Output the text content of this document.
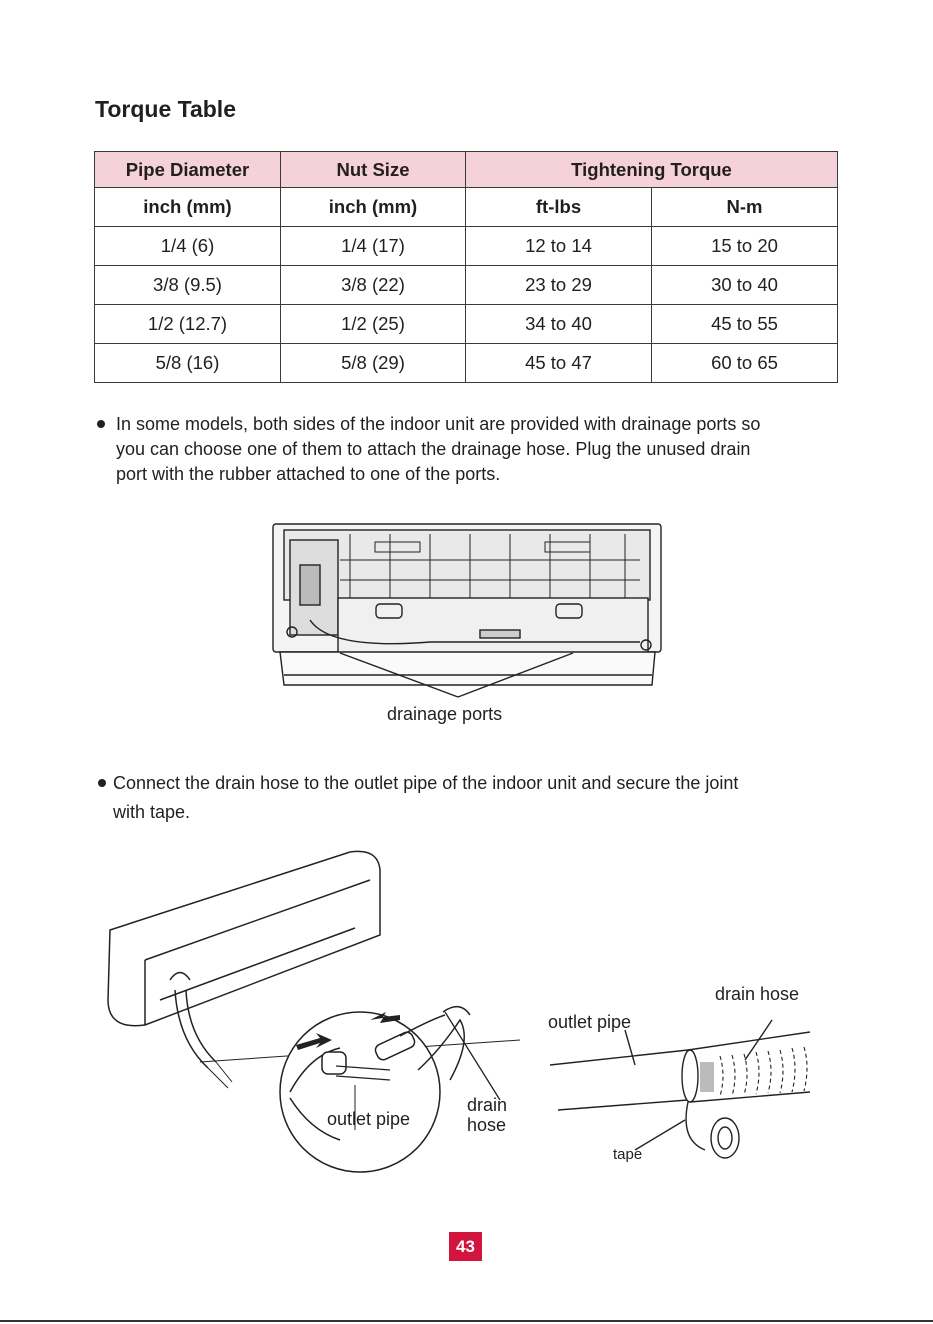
Torque Table
Pipe Diameter	Nut Size	Tightening Torque	
inch (mm)	inch (mm)	ft-lbs	N-m
1/4 (6)	1/4 (17)	12 to 14	15 to 20
3/8 (9.5)	3/8 (22)	23 to 29	30 to 40
1/2 (12.7)	1/2 (25)	34 to 40	45 to 55
5/8 (16)	5/8 (29)	45 to 47	60 to 65
In some models, both sides of the indoor unit are provided with drainage ports so
you can choose one of them to attach the drainage hose. Plug the unused drain
port with the rubber attached to one of the ports.
drainage ports
Connect the drain hose to the outlet pipe of the indoor unit and secure the joint
with tape.
outlet pipe
drain
hose
drain hose
outlet pipe
tape
43
